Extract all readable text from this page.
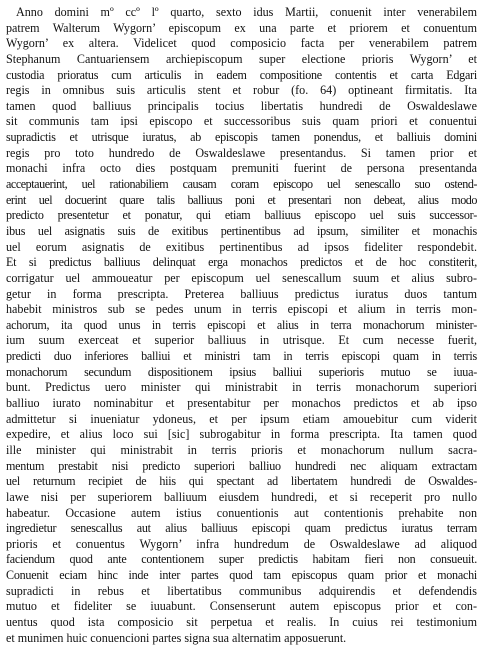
Anno domini mº ccº lº quarto, sexto idus Martii, conuenit inter venerabilem
patrem Walterum Wygorn’ episcopum ex una parte et priorem et conuentum
Wygorn’ ex altera. Videlicet quod composicio facta per venerabilem patrem
Stephanum Cantuariensem archiepiscopum super electione prioris Wygorn’ et
custodia prioratus cum articulis in eadem compositione contentis et carta Edgari
regis in omnibus suis articulis stent et robur (fo. 64) optineant firmitatis. Ita
tamen quod balliuus principalis tocius libertatis hundredi de Oswaldeslawe
sit communis tam ipsi episcopo et successoribus suis quam priori et conuentui
supradictis et utrisque iuratus, ab episcopis tamen ponendus, et balliuis domini
regis pro toto hundredo de Oswaldeslawe presentandus. Si tamen prior et
monachi infra octo dies postquam premuniti fuerint de persona presentanda
acceptauerint, uel rationabiliem causam coram episcopo uel senescallo suo ostend-
erint uel docuerint quare talis balliuus poni et presentari non debeat, alius modo
predicto presentetur et ponatur, qui etiam balliuus episcopo uel suis successor-
ibus uel asignatis suis de exitibus pertinentibus ad ipsum, similiter et monachis
uel eorum asignatis de exitibus pertinentibus ad ipsos fideliter respondebit.
Et si predictus balliuus delinquat erga monachos predictos et de hoc constiterit,
corrigatur uel ammoueatur per episcopum uel senescallum suum et alius subro-
getur in forma prescripta. Preterea balliuus predictus iuratus duos tantum
habebit ministros sub se pedes unum in terris episcopi et alium in terris mon-
achorum, ita quod unus in terris episcopi et alius in terra monachorum minister-
ium suum exerceat et superior balliuus in utrisque. Et cum necesse fuerit,
predicti duo inferiores balliui et ministri tam in terris episcopi quam in terris
monachorum secundum dispositionem ipsius balliui superioris mutuo se iuua-
bunt. Predictus uero minister qui ministrabit in terris monachorum superiori
balliuo iurato nominabitur et presentabitur per monachos predictos et ab ipso
admittetur si inueniatur ydoneus, et per ipsum etiam amouebitur cum viderit
expedire, et alius loco sui [sic] subrogabitur in forma prescripta. Ita tamen quod
ille minister qui ministrabit in terris prioris et monachorum nullum sacra-
mentum prestabit nisi predicto superiori balliuo hundredi nec aliquam extractam
uel returnum recipiet de hiis qui spectant ad libertatem hundredi de Oswaldes-
lawe nisi per superiorem balliuum eiusdem hundredi, et si receperit pro nullo
habeatur. Occasione autem istius conuentionis aut contentionis prehabite non
ingredietur senescallus aut alius balliuus episcopi quam predictus iuratus terram
prioris et conuentus Wygorn’ infra hundredum de Oswaldeslawe ad aliquod
faciendum quod ante contentionem super predictis habitam fieri non consueuit.
Conuenit eciam hinc inde inter partes quod tam episcopus quam prior et monachi
supradicti in rebus et libertatibus communibus adquirendis et defendendis
mutuo et fideliter se iuuabunt. Consenserunt autem episcopus prior et con-
uentus quod ista composicio sit perpetua et realis. In cuius rei testimonium
et munimen huic conuencioni partes signa sua alternatim apposuerunt.
